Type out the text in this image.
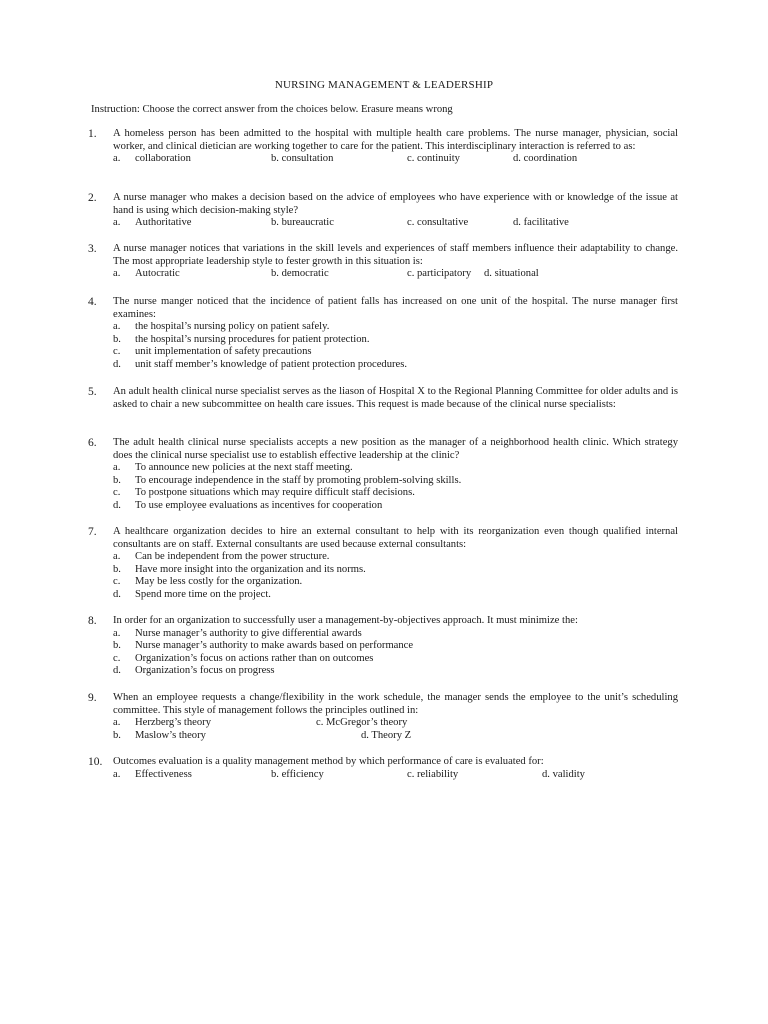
NURSING MANAGEMENT & LEADERSHIP
Instruction: Choose the correct answer from the choices below. Erasure means wrong
1.	A homeless person has been admitted to the hospital with multiple health care problems. The nurse manager, physician, social worker, and clinical dietician are working together to care for the patient. This interdisciplinary interaction is referred to as:
a. collaboration	b. consultation	c. continuity	d. coordination
2.	A nurse manager who makes a decision based on the advice of employees who have experience with or knowledge of the issue at hand is using which decision-making style?
a. Authoritative	b. bureaucratic	c. consultative	d. facilitative
3.	A nurse manager notices that variations in the skill levels and experiences of staff members influence their adaptability to change. The most appropriate leadership style to fester growth in this situation is:
a. Autocratic	b. democratic	c. participatory d. situational
4.	The nurse manger noticed that the incidence of patient falls has increased on one unit of the hospital. The nurse manager first examines:
a. the hospital’s nursing policy on patient safely.
b. the hospital’s nursing procedures for patient protection.
c. unit implementation of safety precautions
d. unit staff member’s knowledge of patient protection procedures.
5.	An adult health clinical nurse specialist serves as the liason of Hospital X to the Regional Planning Committee for older adults and is asked to chair a new subcommittee on health care issues. This request is made because of the clinical nurse specialists:
6.	The adult health clinical nurse specialists accepts a new position as the manager of a neighborhood health clinic. Which strategy does the clinical nurse specialist use to establish effective leadership at the clinic?
a. To announce new policies at the next staff meeting.
b. To encourage independence in the staff by promoting problem-solving skills.
c. To postpone situations which may require difficult staff decisions.
d. To use employee evaluations as incentives for cooperation
7.	A healthcare organization decides to hire an external consultant to help with its reorganization even though qualified internal consultants are on staff. External consultants are used because external consultants:
a. Can be independent from the power structure.
b. Have more insight into the organization and its norms.
c. May be less costly for the organization.
d. Spend more time on the project.
8.	In order for an organization to successfully user a management-by-objectives approach. It must minimize the:
a. Nurse manager’s authority to give differential awards
b. Nurse manager’s authority to make awards based on performance
c. Organization’s focus on actions rather than on outcomes
d. Organization’s focus on progress
9.	When an employee requests a change/flexibility in the work schedule, the manager sends the employee to the unit’s scheduling committee. This style of management follows the principles outlined in:
a. Herzberg’s theory	c. McGregor’s theory
b. Maslow’s theory	d. Theory Z
10.	Outcomes evaluation is a quality management method by which performance of care is evaluated for:
a. Effectiveness	b. efficiency	c. reliability	d. validity
